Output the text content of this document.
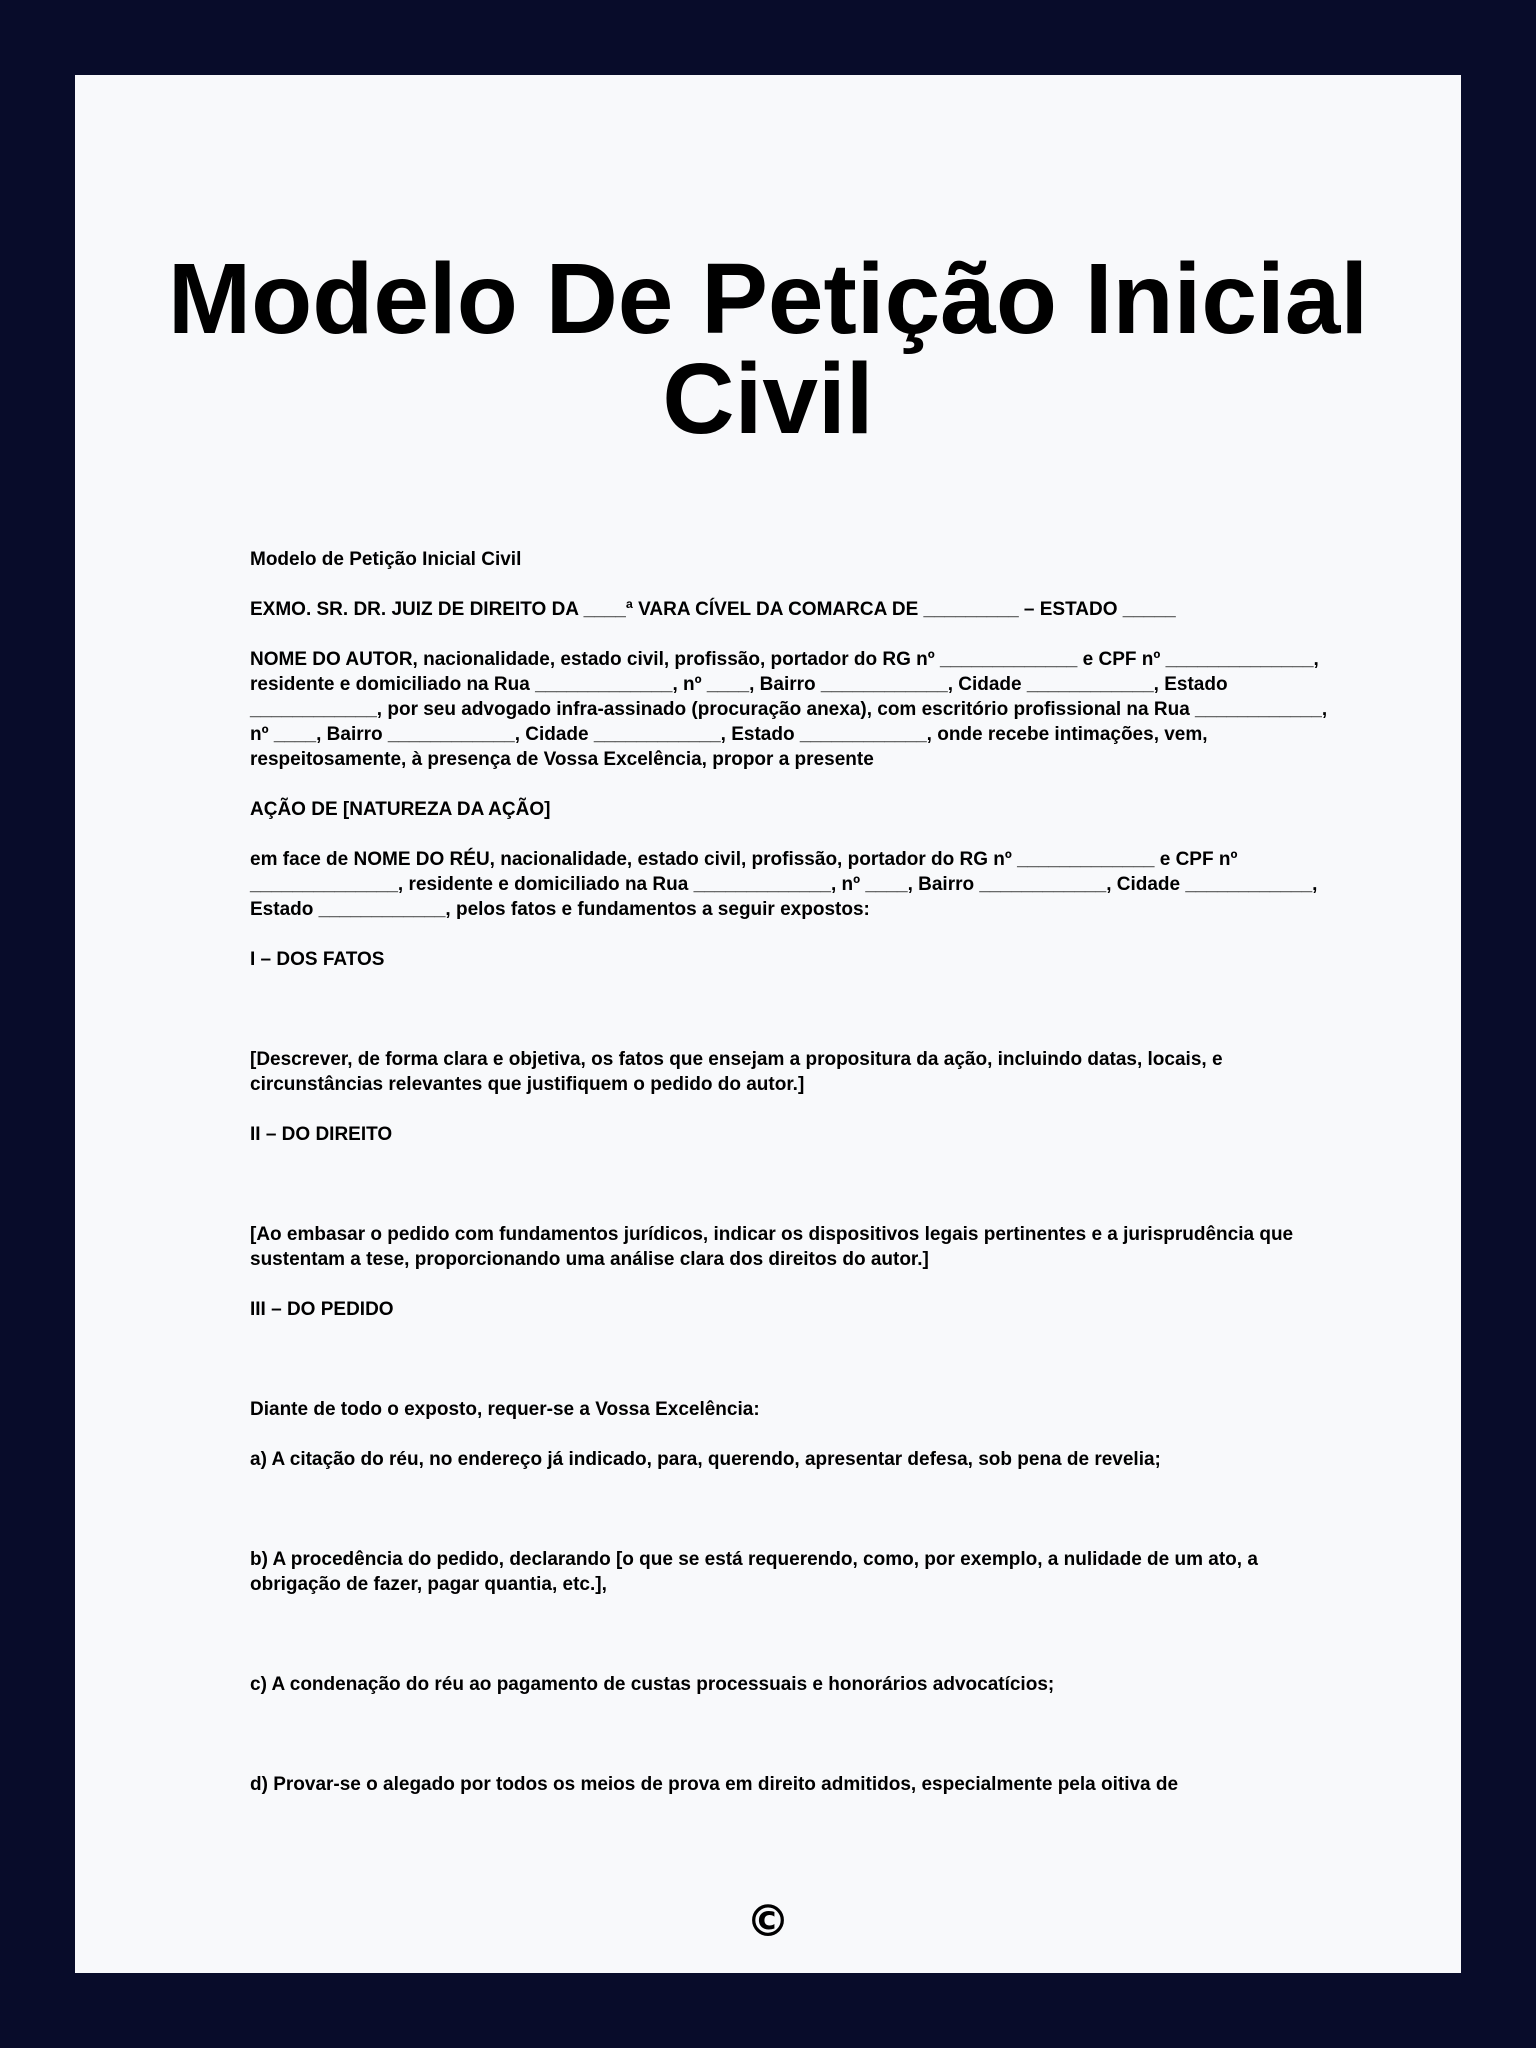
Modelo De Petição Inicial Civil

Modelo de Petição Inicial Civil

EXMO. SR. DR. JUIZ DE DIREITO DA ____ª VARA CÍVEL DA COMARCA DE _________ – ESTADO _____

NOME DO AUTOR, nacionalidade, estado civil, profissão, portador do RG nº _____________ e CPF nº ______________, residente e domiciliado na Rua _____________, nº ____, Bairro ____________, Cidade ____________, Estado ____________, por seu advogado infra-assinado (procuração anexa), com escritório profissional na Rua ____________, nº ____, Bairro ____________, Cidade ____________, Estado ____________, onde recebe intimações, vem, respeitosamente, à presença de Vossa Excelência, propor a presente

AÇÃO DE [NATUREZA DA AÇÃO]

em face de NOME DO RÉU, nacionalidade, estado civil, profissão, portador do RG nº _____________ e CPF nº ______________, residente e domiciliado na Rua _____________, nº ____, Bairro ____________, Cidade ____________, Estado ____________, pelos fatos e fundamentos a seguir expostos:

I – DOS FATOS

[Descrever, de forma clara e objetiva, os fatos que ensejam a propositura da ação, incluindo datas, locais, e circunstâncias relevantes que justifiquem o pedido do autor.]

II – DO DIREITO

[Ao embasar o pedido com fundamentos jurídicos, indicar os dispositivos legais pertinentes e a jurisprudência que sustentam a tese, proporcionando uma análise clara dos direitos do autor.]

III – DO PEDIDO

Diante de todo o exposto, requer-se a Vossa Excelência:

a) A citação do réu, no endereço já indicado, para, querendo, apresentar defesa, sob pena de revelia;

b) A procedência do pedido, declarando [o que se está requerendo, como, por exemplo, a nulidade de um ato, a obrigação de fazer, pagar quantia, etc.],

c) A condenação do réu ao pagamento de custas processuais e honorários advocatícios;

d) Provar-se o alegado por todos os meios de prova em direito admitidos, especialmente pela oitiva de

©
